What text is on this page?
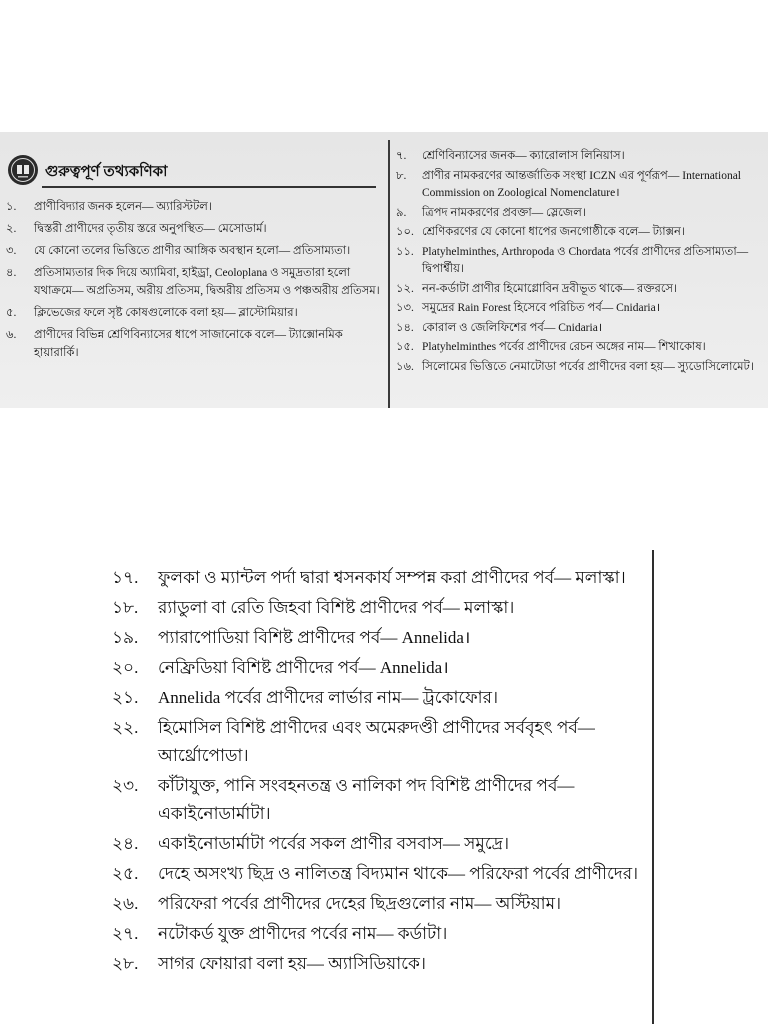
গুরুত্বপূর্ণ তথ্যকণিকা
১.	প্রাণীবিদ্যার জনক হলেন— অ্যারিস্টটল।
২.	দ্বিস্তরী প্রাণীদের তৃতীয় স্তরে অনুপস্থিত— মেসোডার্ম।
৩.	যে কোনো তলের ভিত্তিতে প্রাণীর আঙ্গিক অবস্থান হলো— প্রতিসাম্যতা।
৪.	প্রতিসাম্যতার দিক দিয়ে অ্যামিবা, হাইড্রা, Ceoloplana ও সমুদ্রতারা হলো যথাক্রমে— অপ্রতিসম, অরীয় প্রতিসম, দ্বিঅরীয় প্রতিসম ও পঞ্চঅরীয় প্রতিসম।
৫.	ক্লিভেজের ফলে সৃষ্ট কোষগুলোকে বলা হয়— ব্লাস্টোমিয়ার।
৬.	প্রাণীদের বিভিন্ন শ্রেণিবিন্যাসের ধাপে সাজানোকে বলে— ট্যাক্সোনমিক হায়ারার্কি।
৭.	শ্রেণিবিন্যাসের জনক— ক্যারোলাস লিনিয়াস।
৮.	প্রাণীর নামকরণের আন্তর্জাতিক সংস্থা ICZN এর পূর্ণরূপ— International Commission on Zoological Nomenclature।
৯.	ত্রিপদ নামকরণের প্রবক্তা— স্লেজেল।
১০. শ্রেণিকরণের যে কোনো ধাপের জনগোষ্ঠীকে বলে— ট্যাক্সন।
১১. Platyhelminthes, Arthropoda ও Chordata পর্বের প্রাণীদের প্রতিসাম্যতা— দ্বিপার্শ্বীয়।
১২. নন-কর্ডাটা প্রাণীর হিমোগ্লোবিন দ্রবীভূত থাকে— রক্তরসে।
১৩. সমুদ্রের Rain Forest হিসেবে পরিচিত পর্ব— Cnidaria।
১৪. কোরাল ও জেলিফিশের পর্ব— Cnidaria।
১৫. Platyhelminthes পর্বের প্রাণীদের রেচন অঙ্গের নাম— শিখাকোষ।
১৬. সিলোমের ভিত্তিতে নেমাটোডা পর্বের প্রাণীদের বলা হয়— স্যুডোসিলোমেট।
১৭.	ফুলকা ও ম্যান্টল পর্দা দ্বারা শ্বসনকার্য সম্পন্ন করা প্রাণীদের পর্ব— মলাস্কা।
১৮.	র‍্যাডুলা বা রেতি জিহবা বিশিষ্ট প্রাণীদের পর্ব— মলাস্কা।
১৯.	প্যারাপোডিয়া বিশিষ্ট প্রাণীদের পর্ব— Annelida।
২০.	নেফ্রিডিয়া বিশিষ্ট প্রাণীদের পর্ব— Annelida।
২১.	Annelida পর্বের প্রাণীদের লার্ভার নাম— ট্রকোফোর।
২২.	হিমোসিল বিশিষ্ট প্রাণীদের এবং অমেরুদণ্ডী প্রাণীদের সর্ববৃহৎ পর্ব— আর্থ্রোপোডা।
২৩.	কাঁটাযুক্ত, পানি সংবহনতন্ত্র ও নালিকা পদ বিশিষ্ট প্রাণীদের পর্ব— একাইনোডার্মাটা।
২৪.	একাইনোডার্মাটা পর্বের সকল প্রাণীর বসবাস— সমুদ্রে।
২৫.	দেহে অসংখ্য ছিদ্র ও নালিতন্ত্র বিদ্যমান থাকে— পরিফেরা পর্বের প্রাণীদের।
২৬.	পরিফেরা পর্বের প্রাণীদের দেহের ছিদ্রগুলোর নাম— অস্টিয়াম।
২৭.	নটোকর্ড যুক্ত প্রাণীদের পর্বের নাম— কর্ডাটা।
২৮.	সাগর ফোয়ারা বলা হয়— অ্যাসিডিয়াকে।
